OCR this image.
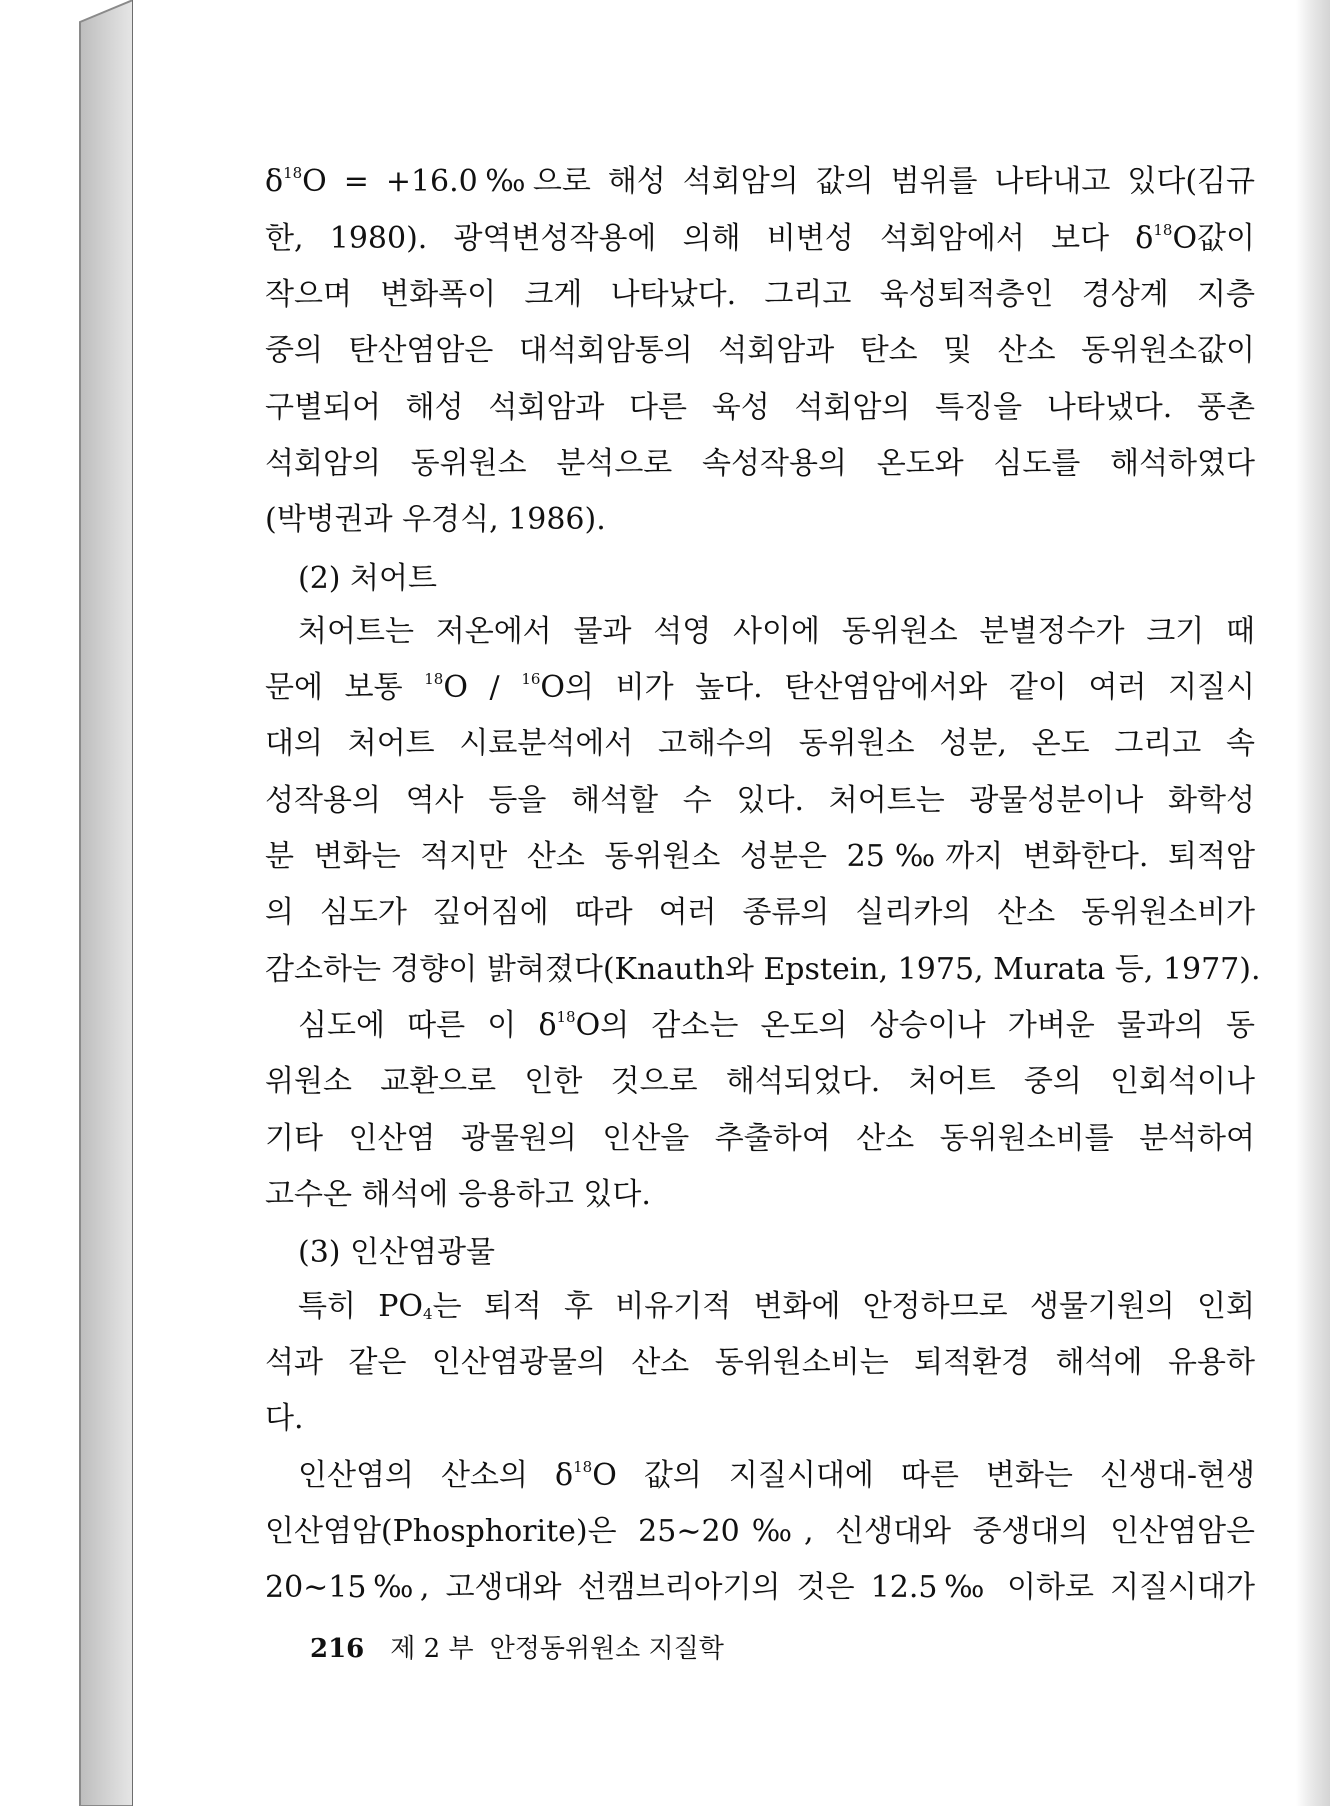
$\delta^{18}O$ = +16.0‰으로 해성 석회암의 값의 범위를 나타내고 있다(김규
한, 1980). 광역변성작용에 의해 비변성 석회암에서 보다 $\delta^{18}O$값이
작으며 변화폭이 크게 나타났다. 그리고 육성퇴적층인 경상계 지층
중의 탄산염암은 대석회암통의 석회암과 탄소 및 산소 동위원소값이
구별되어 해성 석회암과 다른 육성 석회암의 특징을 나타냈다. 풍촌
석회암의 동위원소 분석으로 속성작용의 온도와 심도를 해석하였다
(박병권과 우경식, 1986).
(2) 처어트
처어트는 저온에서 물과 석영 사이에 동위원소 분별정수가 크기 때
문에 보통 $^{18}$O / $^{16}$O의 비가 높다. 탄산염암에서와 같이 여러 지질시
대의 처어트 시료분석에서 고해수의 동위원소 성분, 온도 그리고 속
성작용의 역사 등을 해석할 수 있다. 처어트는 광물성분이나 화학성
분 변화는 적지만 산소 동위원소 성분은 25‰까지 변화한다. 퇴적암
의 심도가 깊어짐에 따라 여러 종류의 실리카의 산소 동위원소비가
감소하는 경향이 밝혀졌다(Knauth와 Epstein, 1975, Murata 등, 1977).
심도에 따른 이 $\delta^{18}O$의 감소는 온도의 상승이나 가벼운 물과의 동
위원소 교환으로 인한 것으로 해석되었다. 처어트 중의 인회석이나
기타 인산염 광물원의 인산을 추출하여 산소 동위원소비를 분석하여
고수온 해석에 응용하고 있다.
(3) 인산염광물
특히 $PO_4$는 퇴적 후 비유기적 변화에 안정하므로 생물기원의 인회
석과 같은 인산염광물의 산소 동위원소비는 퇴적환경 해석에 유용하
다.
인산염의 산소의 $\delta^{18}O$ 값의 지질시대에 따른 변화는 신생대-현생
인산염암(Phosphorite)은 25∼20‰, 신생대와 중생대의 인산염암은
20∼15‰, 고생대와 선캠브리아기의 것은 12.5‰ 이하로 지질시대가
216 제 2 부 안정동위원소 지질학
